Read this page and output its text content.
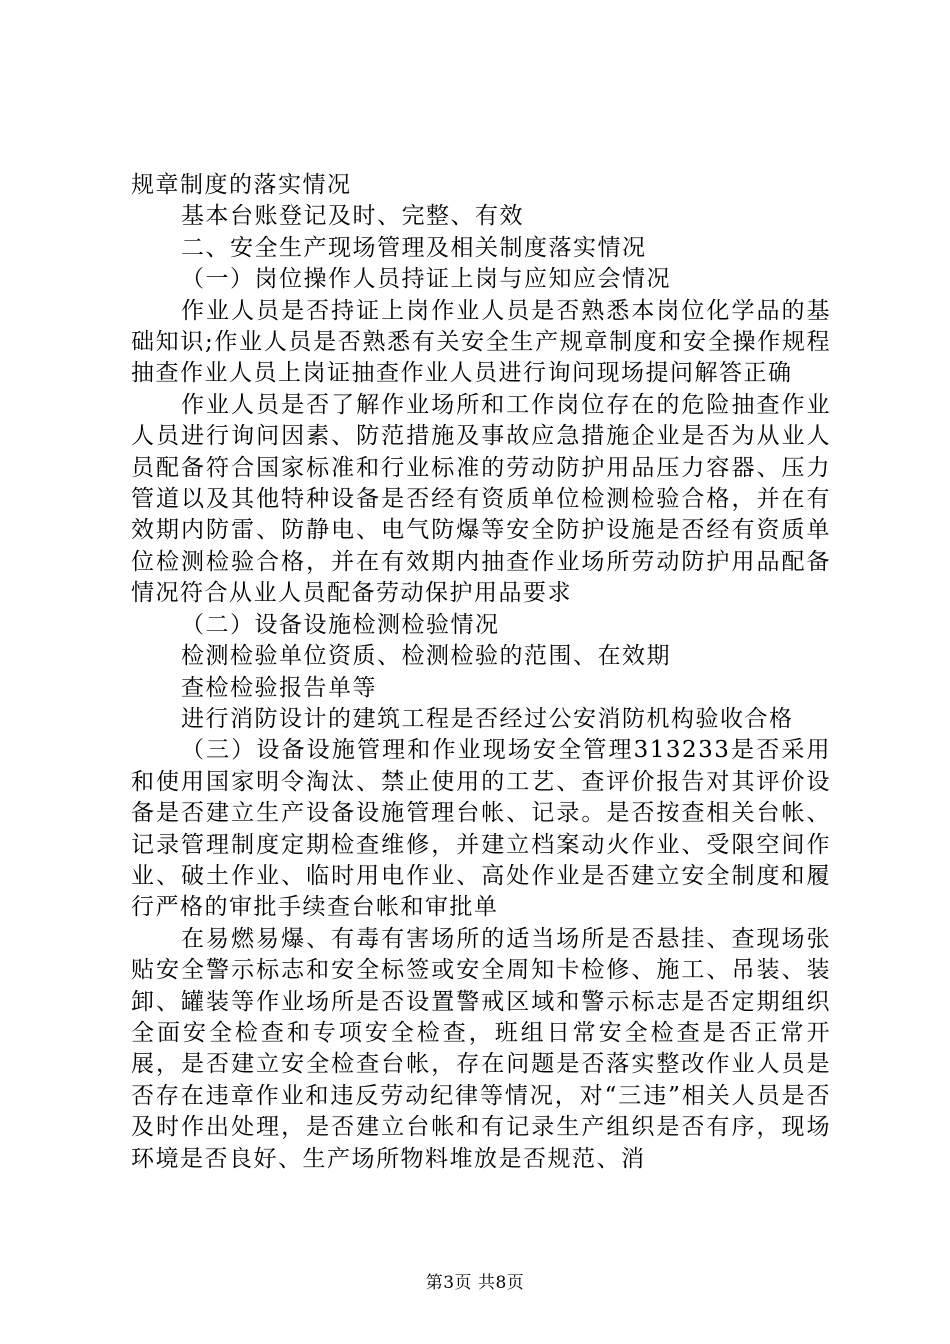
规章制度的落实情况

基本台账登记及时、完整、有效

二、安全生产现场管理及相关制度落实情况

（一）岗位操作人员持证上岗与应知应会情况

作业人员是否持证上岗作业人员是否熟悉本岗位化学品的基础知识;作业人员是否熟悉有关安全生产规章制度和安全操作规程抽查作业人员上岗证抽查作业人员进行询问现场提问解答正确

作业人员是否了解作业场所和工作岗位存在的危险抽查作业人员进行询问因素、防范措施及事故应急措施企业是否为从业人员配备符合国家标准和行业标准的劳动防护用品压力容器、压力管道以及其他特种设备是否经有资质单位检测检验合格，并在有效期内防雷、防静电、电气防爆等安全防护设施是否经有资质单位检测检验合格，并在有效期内抽查作业场所劳动防护用品配备情况符合从业人员配备劳动保护用品要求

（二）设备设施检测检验情况

检测检验单位资质、检测检验的范围、在效期

查检检验报告单等

进行消防设计的建筑工程是否经过公安消防机构验收合格

（三）设备设施管理和作业现场安全管理313233是否采用和使用国家明令淘汰、禁止使用的工艺、查评价报告对其评价设备是否建立生产设备设施管理台帐、记录。是否按查相关台帐、记录管理制度定期检查维修，并建立档案动火作业、受限空间作业、破土作业、临时用电作业、高处作业是否建立安全制度和履行严格的审批手续查台帐和审批单

在易燃易爆、有毒有害场所的适当场所是否悬挂、查现场张贴安全警示标志和安全标签或安全周知卡检修、施工、吊装、装卸、罐装等作业场所是否设置警戒区域和警示标志是否定期组织全面安全检查和专项安全检查，班组日常安全检查是否正常开展，是否建立安全检查台帐，存在问题是否落实整改作业人员是否存在违章作业和违反劳动纪律等情况，对“三违”相关人员是否及时作出处理，是否建立台帐和有记录生产组织是否有序，现场环境是否良好、生产场所物料堆放是否规范、消

第3页 共8页
